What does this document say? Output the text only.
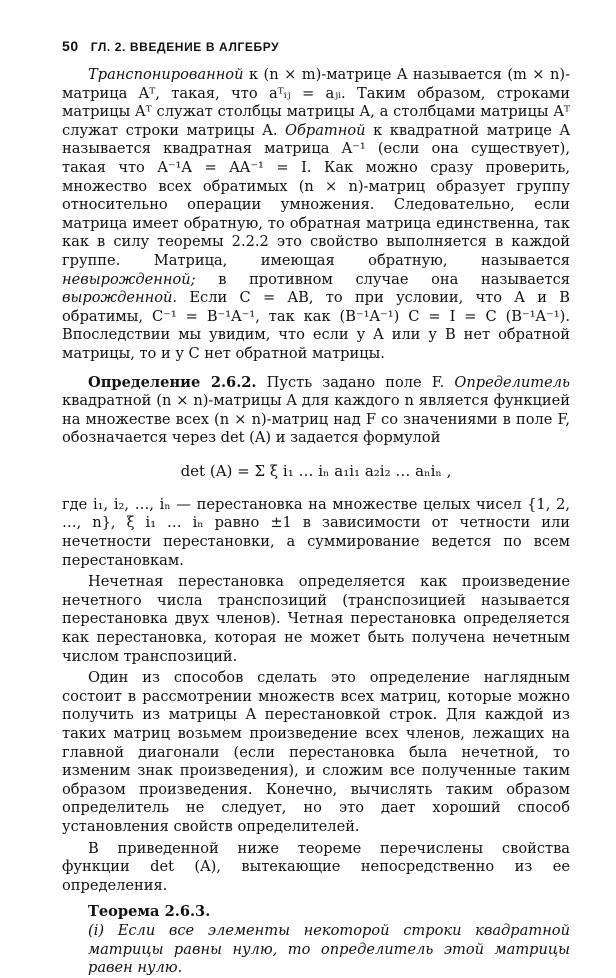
50 ГЛ. 2. ВВЕДЕНИЕ В АЛГЕБРУ

Транспонированной к (n × m)-матрице A называется (m × n)-матрица Aᵀ, такая, что aᵀᵢⱼ = aⱼᵢ. Таким образом, строками матрицы Aᵀ служат столбцы матрицы A, а столбцами матрицы Aᵀ служат строки матрицы A. Обратной к квадратной матрице A называется квадратная матрица A⁻¹ (если она существует), такая что A⁻¹A = AA⁻¹ = I. Как можно сразу проверить, множество всех обратимых (n × n)-матриц образует группу относительно операции умножения. Следовательно, если матрица имеет обратную, то обратная матрица единственна, так как в силу теоремы 2.2.2 это свойство выполняется в каждой группе. Матрица, имеющая обратную, называется невырожденной; в противном случае она называется вырожденной. Если C = AB, то при условии, что A и B обратимы, C⁻¹ = B⁻¹A⁻¹, так как (B⁻¹A⁻¹) C = I = C (B⁻¹A⁻¹). Впоследствии мы увидим, что если у A или у B нет обратной матрицы, то и у C нет обратной матрицы.

Определение 2.6.2. Пусть задано поле F. Определитель квадратной (n × n)-матрицы A для каждого n является функцией на множестве всех (n × n)-матриц над F со значениями в поле F, обозначается через det (A) и задается формулой

det (A) = Σ ξ i₁ … iₙ a₁i₁ a₂i₂ … aₙiₙ ,

где i₁, i₂, …, iₙ — перестановка на множестве целых чисел {1, 2, …, n}, ξ i₁ … iₙ равно ±1 в зависимости от четности или нечетности перестановки, а суммирование ведется по всем перестановкам.

Нечетная перестановка определяется как произведение нечетного числа транспозиций (транспозицией называется перестановка двух членов). Четная перестановка определяется как перестановка, которая не может быть получена нечетным числом транспозиций.

Один из способов сделать это определение наглядным состоит в рассмотрении множеств всех матриц, которые можно получить из матрицы A перестановкой строк. Для каждой из таких матриц возьмем произведение всех членов, лежащих на главной диагонали (если перестановка была нечетной, то изменим знак произведения), и сложим все полученные таким образом произведения. Конечно, вычислять таким образом определитель не следует, но это дает хороший способ установления свойств определителей.

В приведенной ниже теореме перечислены свойства функции det (A), вытекающие непосредственно из ее определения.

Теорема 2.6.3.

(i) Если все элементы некоторой строки квадратной матрицы равны нулю, то определитель этой матрицы равен нулю.
